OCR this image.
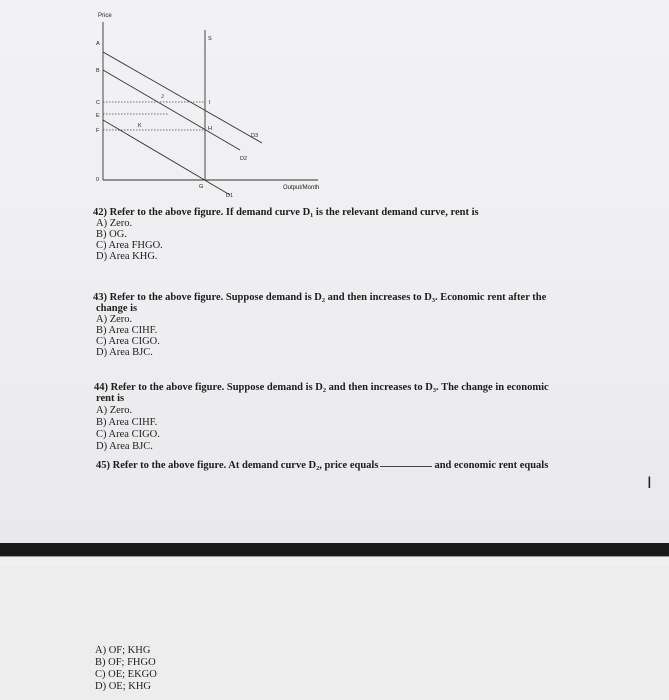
Price
Output/Month
A
B
C
E
F
0
G
J
K
I
H
S
D3
D2
D1
42) Refer to the above figure. If demand curve D₁ is the relevant demand curve, rent is
A) Zero.
B) OG.
C) Area FHGO.
D) Area KHG.
43) Refer to the above figure. Suppose demand is D₂ and then increases to D₃. Economic rent after the
change is
A) Zero.
B) Area CIHF.
C) Area CIGO.
D) Area BJC.
44) Refer to the above figure. Suppose demand is D₂ and then increases to D₃. The change in economic
rent is
A) Zero.
B) Area CIHF.
C) Area CIGO.
D) Area BJC.
45) Refer to the above figure. At demand curve D₂, price equals	and economic rent equals
I
A) OF; KHG
B) OF; FHGO
C) OE; EKGO
D) OE; KHG
